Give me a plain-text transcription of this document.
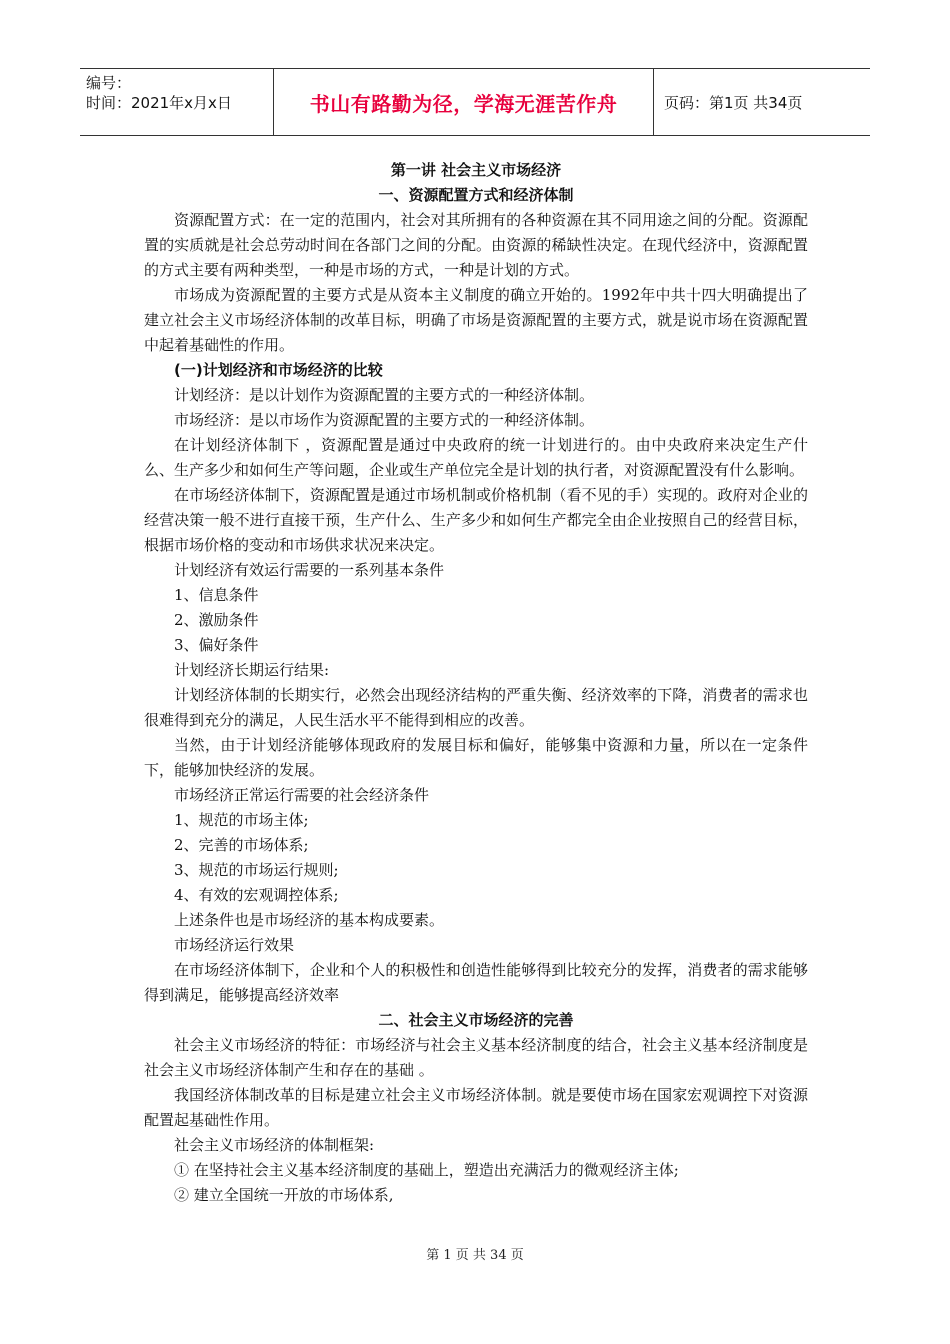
编号：
时间：2021年x月x日	书山有路勤为径，学海无涯苦作舟	页码：第1页 共34页

第一讲 社会主义市场经济

一、资源配置方式和经济体制

资源配置方式：在一定的范围内，社会对其所拥有的各种资源在其不同用途之间的分配。资源配置的实质就是社会总劳动时间在各部门之间的分配。由资源的稀缺性决定。在现代经济中，资源配置的方式主要有两种类型，一种是市场的方式，一种是计划的方式。

市场成为资源配置的主要方式是从资本主义制度的确立开始的。1992年中共十四大明确提出了建立社会主义市场经济体制的改革目标，明确了市场是资源配置的主要方式，就是说市场在资源配置中起着基础性的作用。

(一)计划经济和市场经济的比较

计划经济：是以计划作为资源配置的主要方式的一种经济体制。

市场经济：是以市场作为资源配置的主要方式的一种经济体制。

在计划经济体制下 ，资源配置是通过中央政府的统一计划进行的。由中央政府来决定生产什么、生产多少和如何生产等问题，企业或生产单位完全是计划的执行者，对资源配置没有什么影响。

在市场经济体制下，资源配置是通过市场机制或价格机制（看不见的手）实现的。政府对企业的经营决策一般不进行直接干预，生产什么、生产多少和如何生产都完全由企业按照自己的经营目标，根据市场价格的变动和市场供求状况来决定。

计划经济有效运行需要的一系列基本条件

1、信息条件

2、激励条件

3、偏好条件

计划经济长期运行结果:

计划经济体制的长期实行，必然会出现经济结构的严重失衡、经济效率的下降，消费者的需求也很难得到充分的满足，人民生活水平不能得到相应的改善。

当然，由于计划经济能够体现政府的发展目标和偏好，能够集中资源和力量，所以在一定条件下，能够加快经济的发展。

市场经济正常运行需要的社会经济条件

1、规范的市场主体;

2、完善的市场体系;

3、规范的市场运行规则;

4、有效的宏观调控体系;

上述条件也是市场经济的基本构成要素。

市场经济运行效果

在市场经济体制下，企业和个人的积极性和创造性能够得到比较充分的发挥，消费者的需求能够得到满足，能够提高经济效率

二、社会主义市场经济的完善

社会主义市场经济的特征：市场经济与社会主义基本经济制度的结合，社会主义基本经济制度是社会主义市场经济体制产生和存在的基础 。

我国经济体制改革的目标是建立社会主义市场经济体制。就是要使市场在国家宏观调控下对资源配置起基础性作用。

社会主义市场经济的体制框架:

① 在坚持社会主义基本经济制度的基础上，塑造出充满活力的微观经济主体;

② 建立全国统一开放的市场体系,

第 1 页 共 34 页
